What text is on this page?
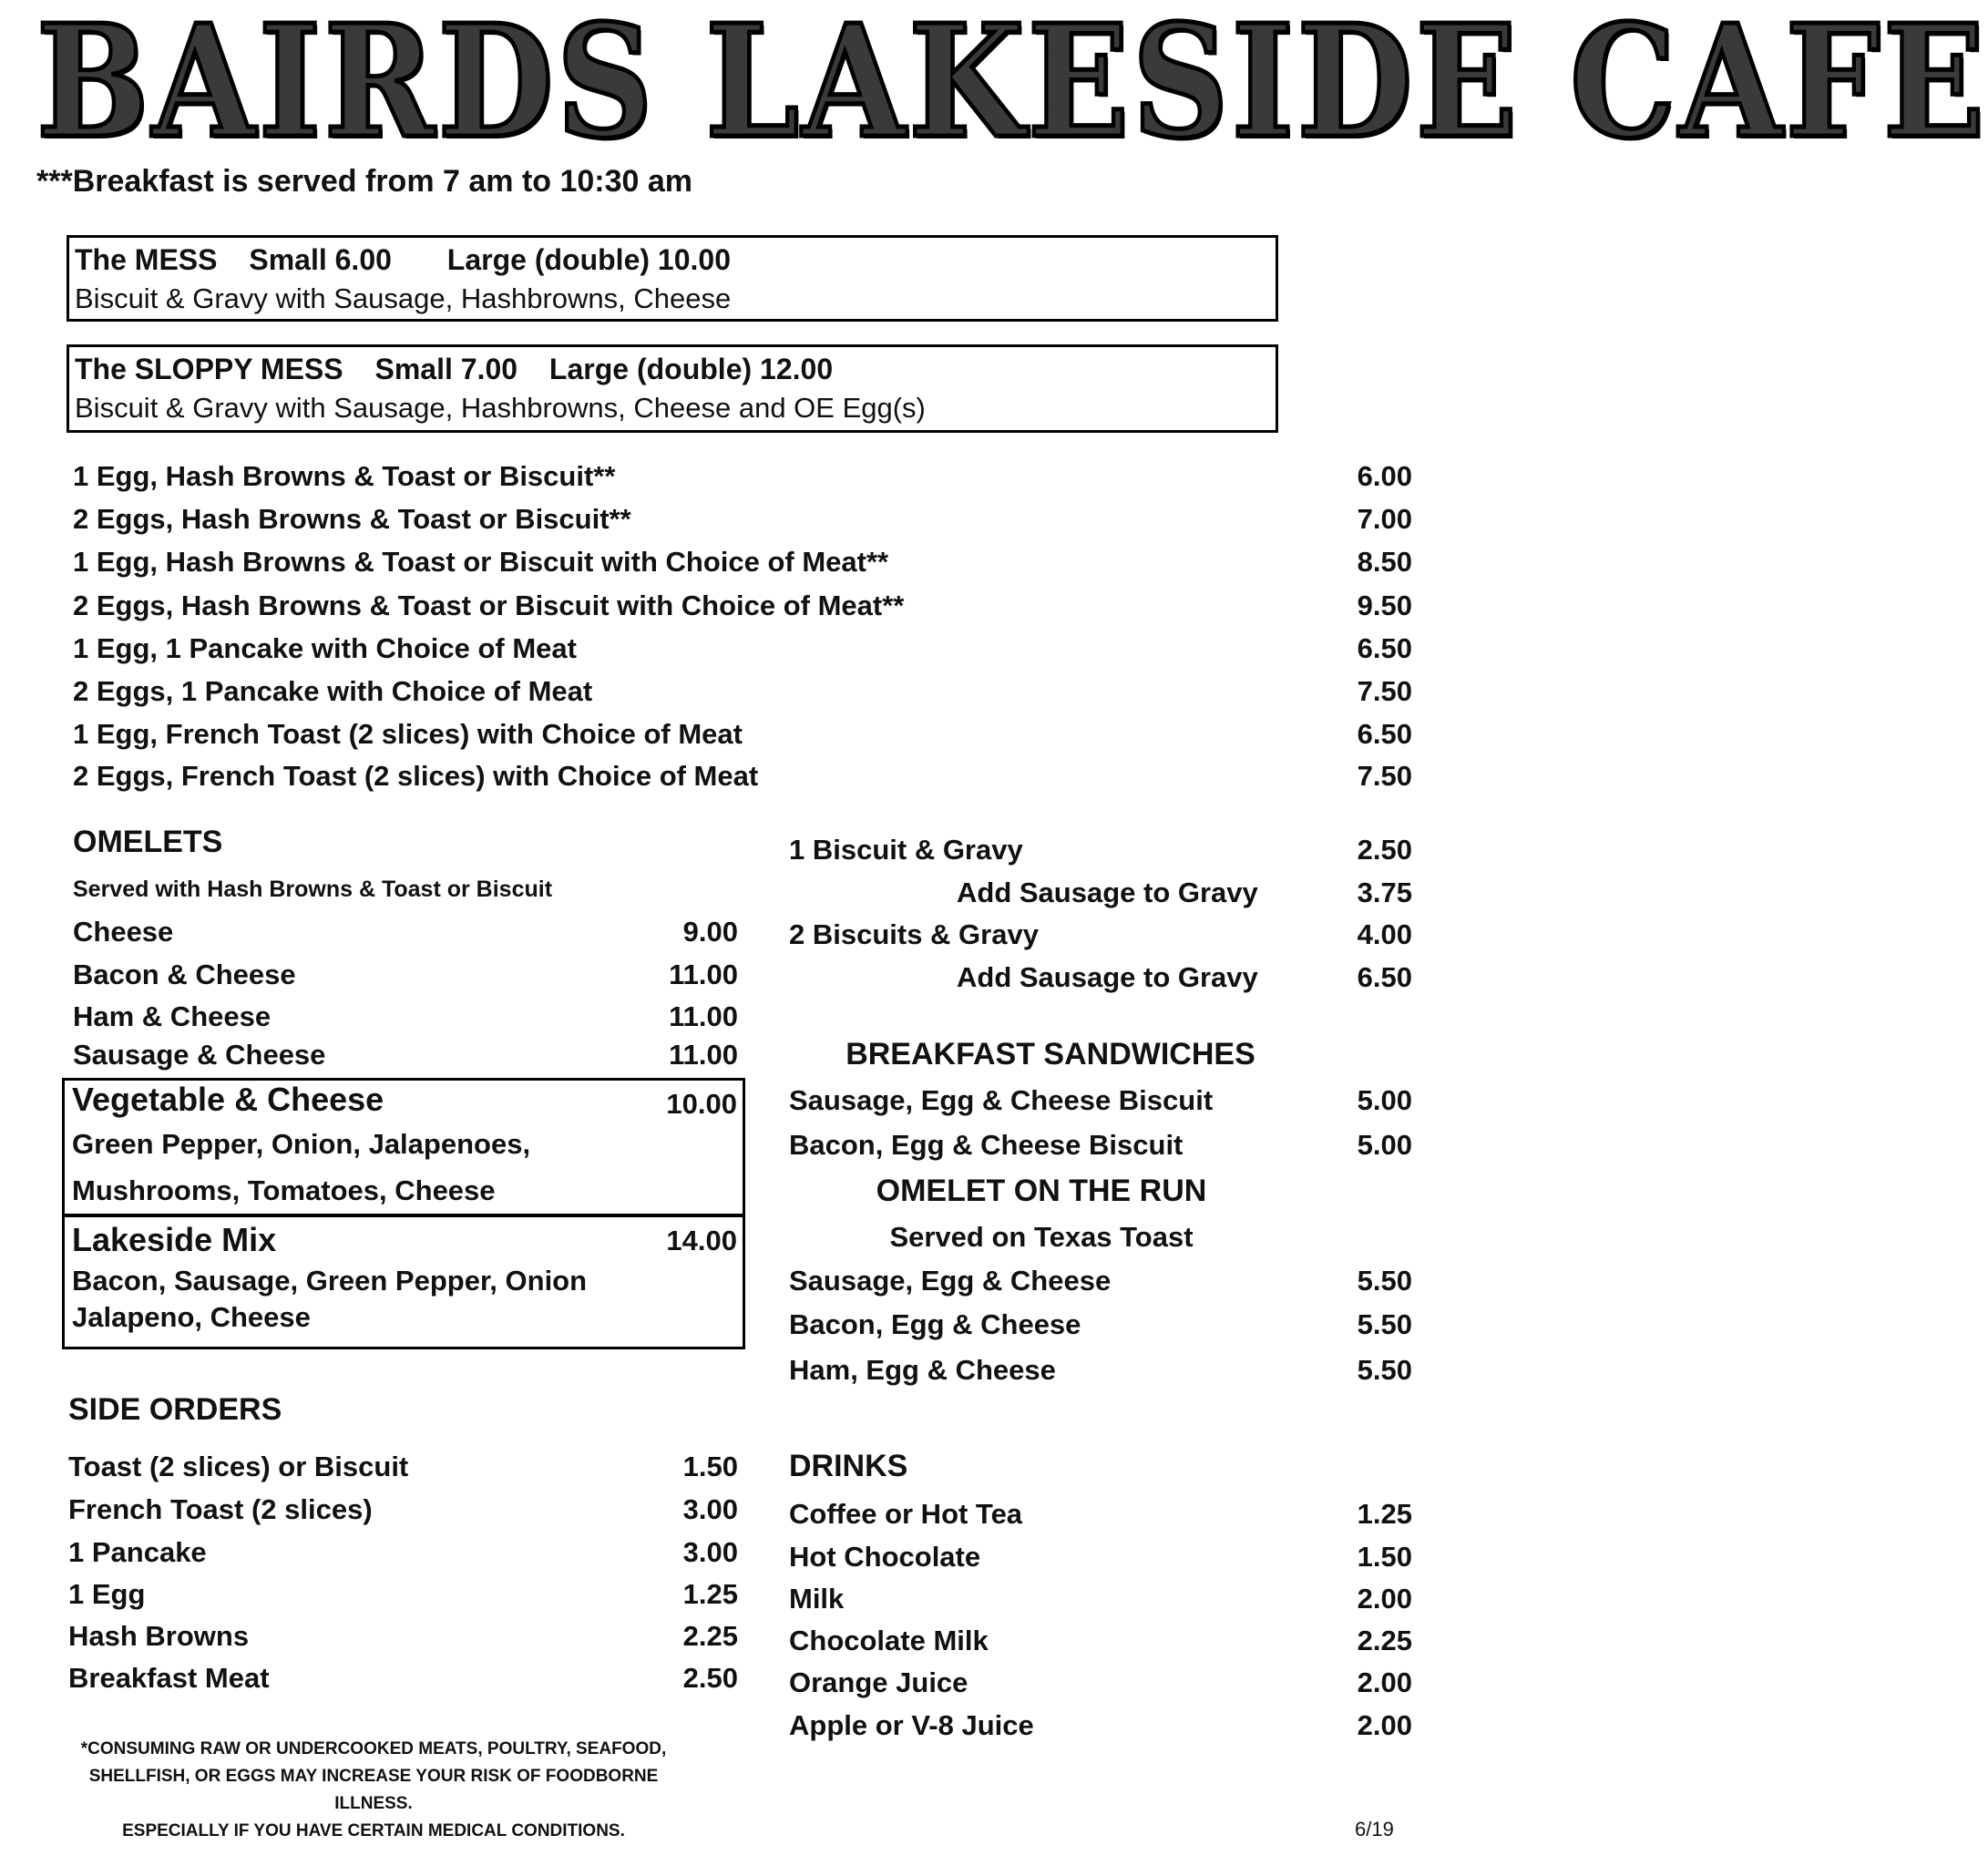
BAIRDS LAKESIDE CAFE
***Breakfast is served from 7 am to 10:30 am
The MESS Small 6.00 Large (double) 10.00
Biscuit & Gravy with Sausage, Hashbrowns, Cheese
The SLOPPY MESS Small 7.00 Large (double) 12.00
Biscuit & Gravy with Sausage, Hashbrowns, Cheese and OE Egg(s)
1 Egg, Hash Browns & Toast or Biscuit**	6.00
2 Eggs, Hash Browns & Toast or Biscuit**	7.00
1 Egg, Hash Browns & Toast or Biscuit with Choice of Meat**	8.50
2 Eggs, Hash Browns & Toast or Biscuit with Choice of Meat**	9.50
1 Egg, 1 Pancake with Choice of Meat	6.50
2 Eggs, 1 Pancake with Choice of Meat	7.50
1 Egg, French Toast (2 slices) with Choice of Meat	6.50
2 Eggs, French Toast (2 slices) with Choice of Meat	7.50
OMELETS
Served with Hash Browns & Toast or Biscuit
Cheese	9.00
Bacon & Cheese	11.00
Ham & Cheese	11.00
Sausage & Cheese	11.00
Vegetable & Cheese	10.00
Green Pepper, Onion, Jalapenoes,
Mushrooms, Tomatoes, Cheese
Lakeside Mix	14.00
Bacon, Sausage, Green Pepper, Onion
Jalapeno, Cheese
1 Biscuit & Gravy	2.50
Add Sausage to Gravy	3.75
2 Biscuits & Gravy	4.00
Add Sausage to Gravy	6.50
BREAKFAST SANDWICHES
Sausage, Egg & Cheese Biscuit	5.00
Bacon, Egg & Cheese Biscuit	5.00
OMELET ON THE RUN
Served on Texas Toast
Sausage, Egg & Cheese	5.50
Bacon, Egg & Cheese	5.50
Ham, Egg & Cheese	5.50
SIDE ORDERS
Toast (2 slices) or Biscuit	1.50
French Toast (2 slices)	3.00
1 Pancake	3.00
1 Egg	1.25
Hash Browns	2.25
Breakfast Meat	2.50
DRINKS
Coffee or Hot Tea	1.25
Hot Chocolate	1.50
Milk	2.00
Chocolate Milk	2.25
Orange Juice	2.00
Apple or V-8 Juice	2.00
*CONSUMING RAW OR UNDERCOOKED MEATS, POULTRY, SEAFOOD,
SHELLFISH, OR EGGS MAY INCREASE YOUR RISK OF FOODBORNE ILLNESS.
ESPECIALLY IF YOU HAVE CERTAIN MEDICAL CONDITIONS.	6/19
